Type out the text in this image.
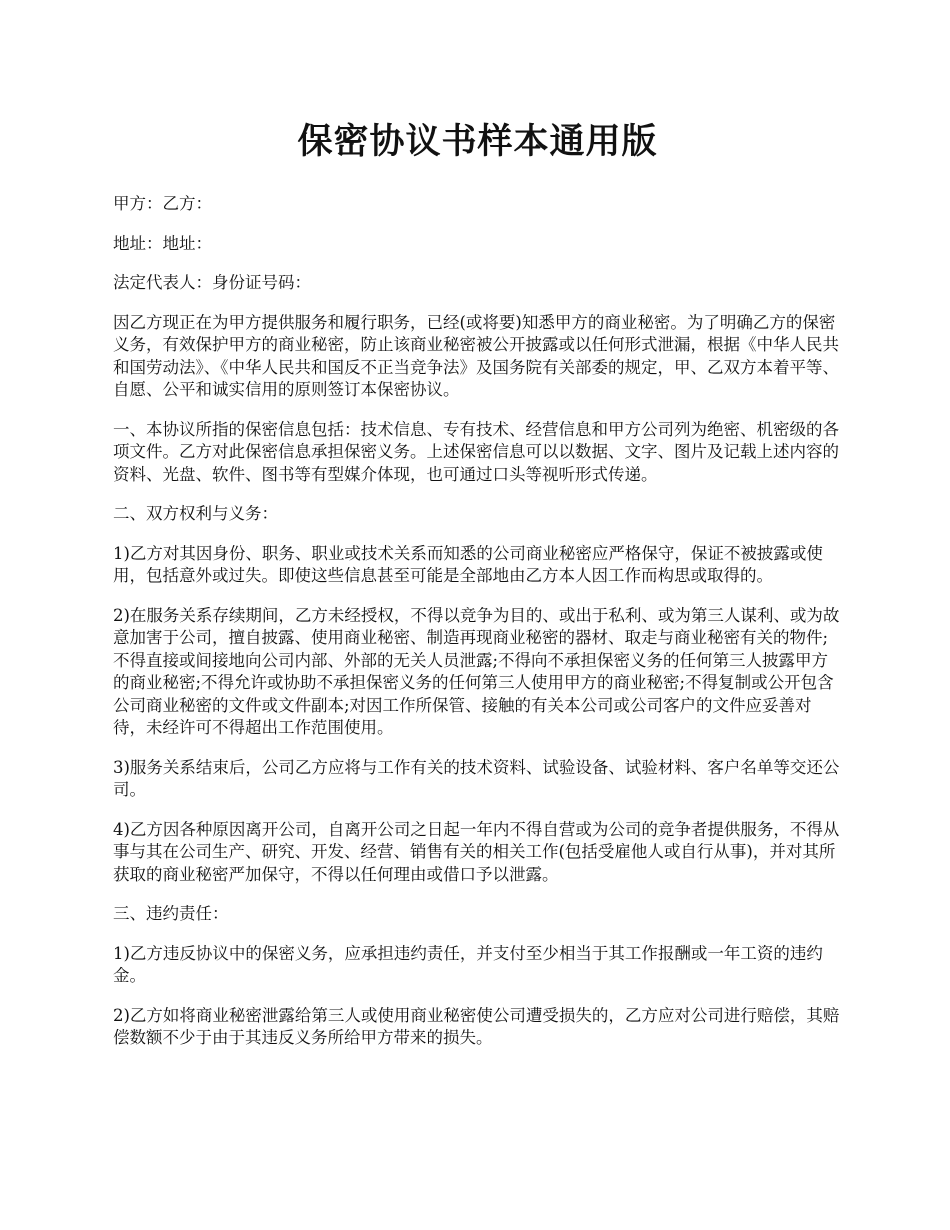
保密协议书样本通用版

甲方：乙方：

地址：地址：

法定代表人：身份证号码：

因乙方现正在为甲方提供服务和履行职务，已经(或将要)知悉甲方的商业秘密。为了明确乙方的保密义务，有效保护甲方的商业秘密，防止该商业秘密被公开披露或以任何形式泄漏，根据《中华人民共和国劳动法》、《中华人民共和国反不正当竞争法》及国务院有关部委的规定，甲、乙双方本着平等、自愿、公平和诚实信用的原则签订本保密协议。

一、本协议所指的保密信息包括：技术信息、专有技术、经营信息和甲方公司列为绝密、机密级的各项文件。乙方对此保密信息承担保密义务。上述保密信息可以以数据、文字、图片及记载上述内容的资料、光盘、软件、图书等有型媒介体现，也可通过口头等视听形式传递。

二、双方权利与义务：

1)乙方对其因身份、职务、职业或技术关系而知悉的公司商业秘密应严格保守，保证不被披露或使用，包括意外或过失。即使这些信息甚至可能是全部地由乙方本人因工作而构思或取得的。

2)在服务关系存续期间，乙方未经授权，不得以竞争为目的、或出于私利、或为第三人谋利、或为故意加害于公司，擅自披露、使用商业秘密、制造再现商业秘密的器材、取走与商业秘密有关的物件;不得直接或间接地向公司内部、外部的无关人员泄露;不得向不承担保密义务的任何第三人披露甲方的商业秘密;不得允许或协助不承担保密义务的任何第三人使用甲方的商业秘密;不得复制或公开包含公司商业秘密的文件或文件副本;对因工作所保管、接触的有关本公司或公司客户的文件应妥善对待，未经许可不得超出工作范围使用。

3)服务关系结束后，公司乙方应将与工作有关的技术资料、试验设备、试验材料、客户名单等交还公司。

4)乙方因各种原因离开公司，自离开公司之日起一年内不得自营或为公司的竞争者提供服务，不得从事与其在公司生产、研究、开发、经营、销售有关的相关工作(包括受雇他人或自行从事)，并对其所获取的商业秘密严加保守，不得以任何理由或借口予以泄露。

三、违约责任：

1)乙方违反协议中的保密义务，应承担违约责任，并支付至少相当于其工作报酬或一年工资的违约金。

2)乙方如将商业秘密泄露给第三人或使用商业秘密使公司遭受损失的，乙方应对公司进行赔偿，其赔偿数额不少于由于其违反义务所给甲方带来的损失。
